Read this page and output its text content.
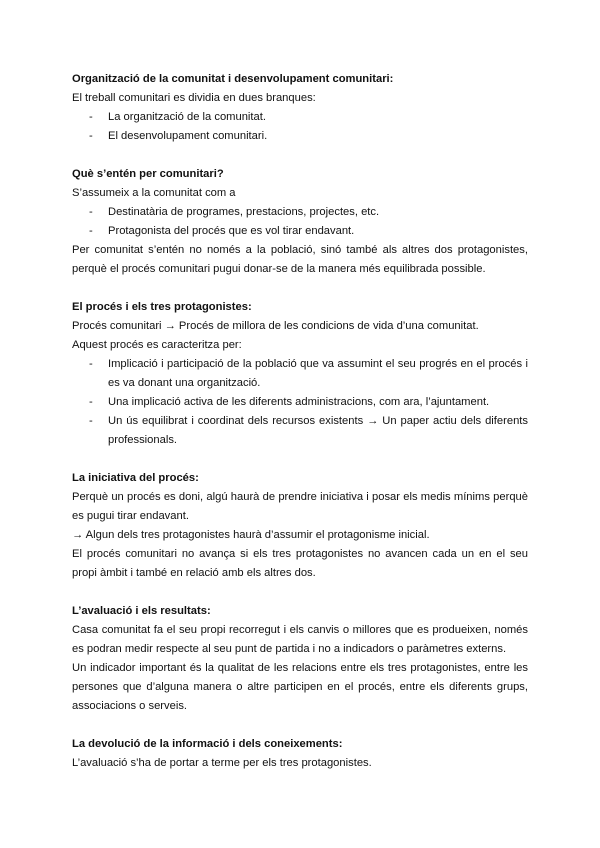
Organització de la comunitat i desenvolupament comunitari:

El treball comunitari es dividia en dues branques:

- La organització de la comunitat.
- El desenvolupament comunitari.
Què s’entén per comunitari?

S’assumeix a la comunitat com a

- Destinatària de programes, prestacions, projectes, etc.
- Protagonista del procés que es vol tirar endavant.

Per comunitat s’entén no només a la població, sinó també als altres dos protagonistes, perquè el procés comunitari pugui donar-se de la manera més equilibrada possible.

El procés i els tres protagonistes:

Procés comunitari → Procés de millora de les condicions de vida d’una comunitat.

Aquest procés es caracteritza per:

- Implicació i participació de la població que va assumint el seu progrés en el procés i es va donant una organització.
- Una implicació activa de les diferents administracions, com ara, l’ajuntament.
- Un ús equilibrat i coordinat dels recursos existents → Un paper actiu dels diferents professionals.
La iniciativa del procés:

Perquè un procés es doni, algú haurà de prendre iniciativa i posar els medis mínims perquè es pugui tirar endavant.

→ Algun dels tres protagonistes haurà d’assumir el protagonisme inicial.

El procés comunitari no avança si els tres protagonistes no avancen cada un en el seu propi àmbit i també en relació amb els altres dos.

L’avaluació i els resultats:

Casa comunitat fa el seu propi recorregut i els canvis o millores que es produeixen, només es podran medir respecte al seu punt de partida i no a indicadors o paràmetres externs.

Un indicador important és la qualitat de les relacions entre els tres protagonistes, entre les persones que d’alguna manera o altre participen en el procés, entre els diferents grups, associacions o serveis.

La devolució de la informació i dels coneixements:

L’avaluació s’ha de portar a terme per els tres protagonistes.
